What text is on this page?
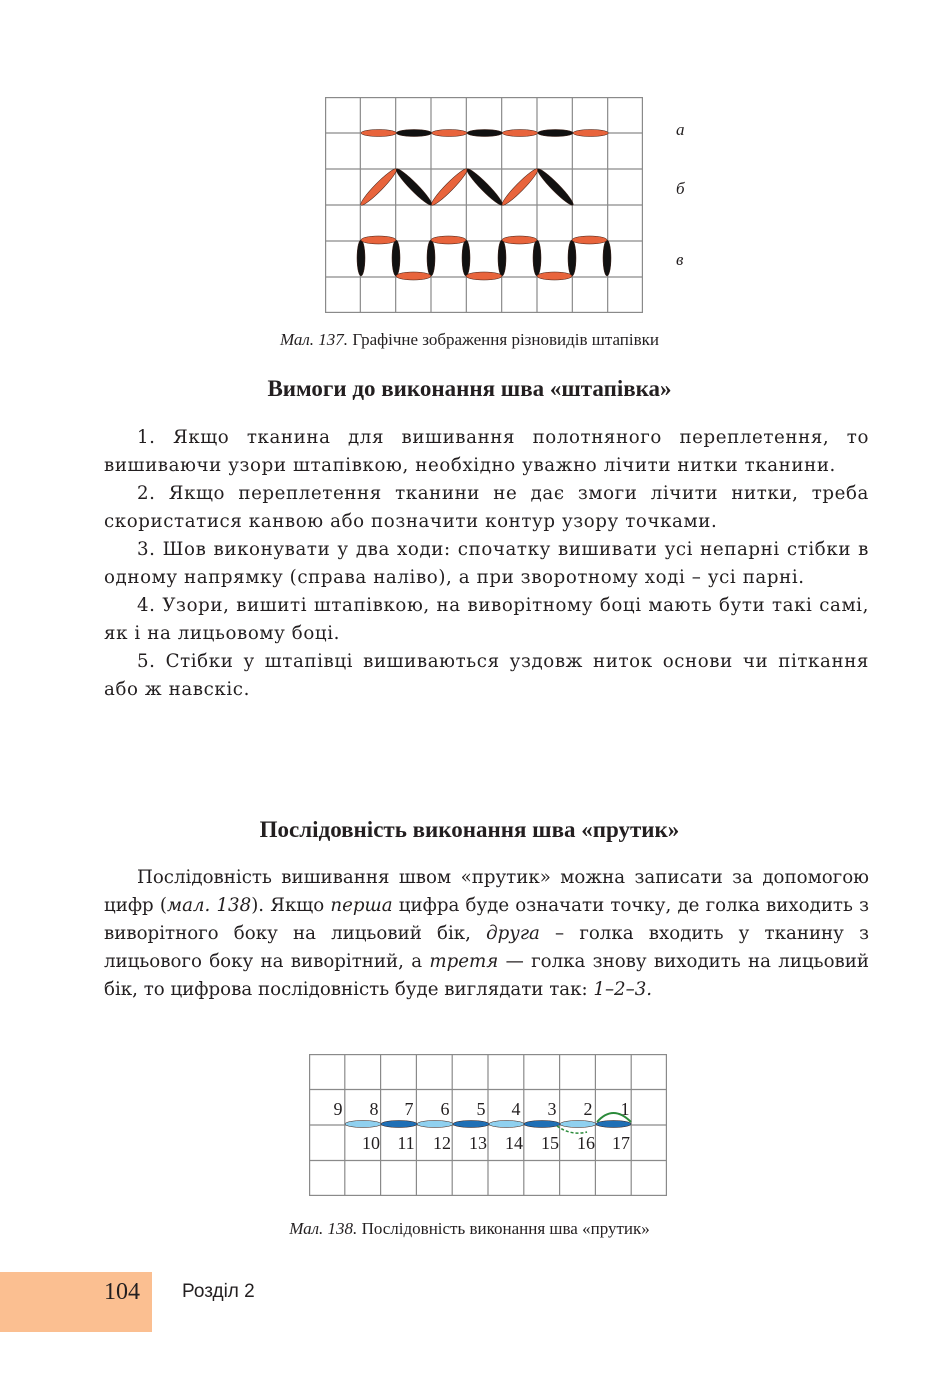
а
б
в
Мал. 137. Графічне зображення різновидів штапівки
Вимоги до виконання шва «штапівка»

1. Якщо тканина для вишивання полотняного переплетення, то вишиваючи узори штапівкою, необхідно уважно лічити нитки тканини.

2. Якщо переплетення тканини не дає змоги лічити нитки, треба скористатися канвою або позначити контур узору точками.

3. Шов виконувати у два ходи: спочатку вишивати усі непарні стібки в одному напрямку (справа наліво), а при зворотному ході – усі парні.

4. Узори, вишиті штапівкою, на виворітному боці мають бути такі самі, як і на лицьовому боці.

5. Стібки у штапівці вишиваються уздовж ниток основи чи піткання або ж навскіс.

Послідовність виконання шва «прутик»

Послідовність вишивання швом «прутик» можна записати за допомогою цифр (мал. 138). Якщо перша цифра буде означати точку, де голка виходить з виворітного боку на лицьовий бік, друга – голка входить у тканину з лицьового боку на виворітний, а третя — голка знову виходить на лицьовий бік, то цифрова послідовність буде виглядати так: 1–2–3.

9 8 7 6 5 4 3 2 1
10 11 12 13 14 15 16 17
Мал. 138. Послідовність виконання шва «прутик»
104 Розділ 2
